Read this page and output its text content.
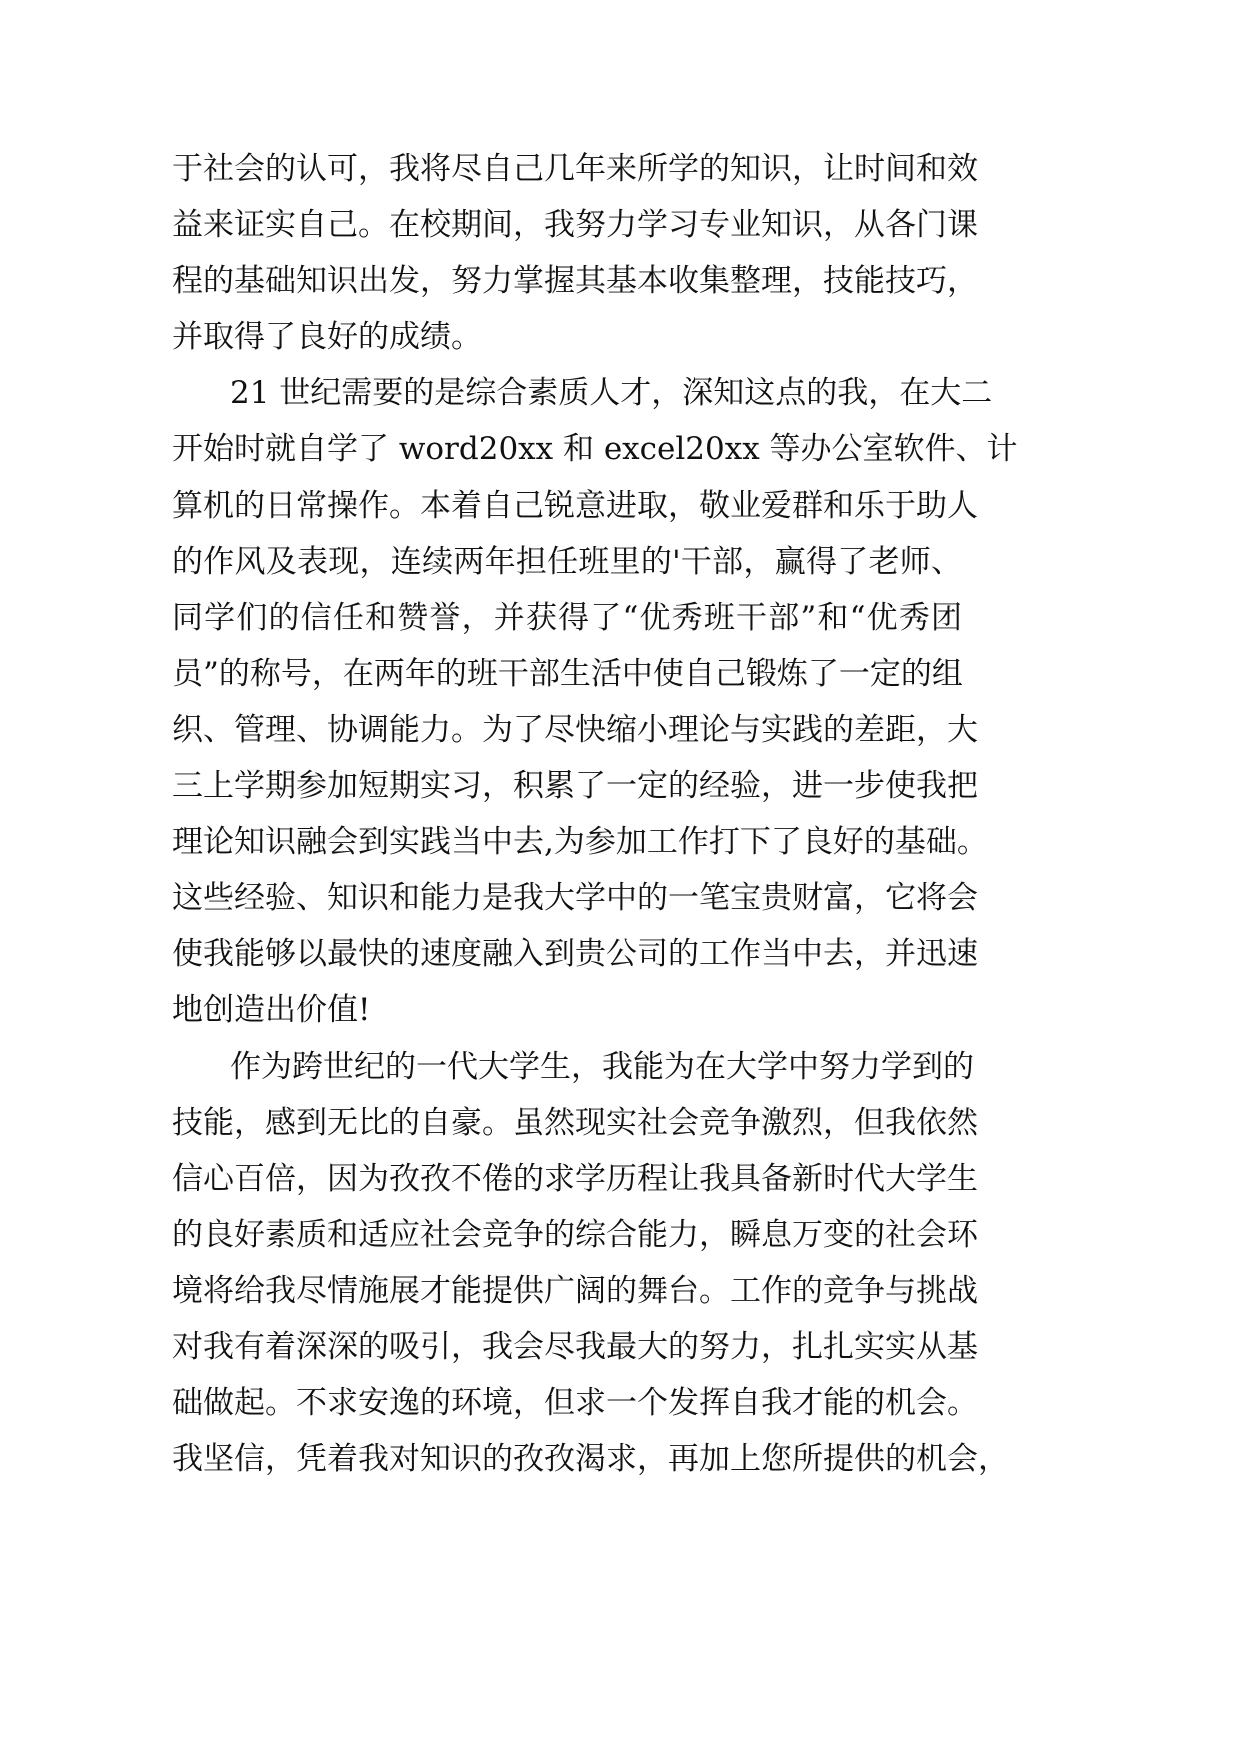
于社会的认可，我将尽自己几年来所学的知识，让时间和效
益来证实自己。在校期间，我努力学习专业知识，从各门课
程的基础知识出发，努力掌握其基本收集整理，技能技巧，
并取得了良好的成绩。
21 世纪需要的是综合素质人才，深知这点的我，在大二
开始时就自学了 word20xx 和 excel20xx 等办公室软件、计
算机的日常操作。本着自己锐意进取，敬业爱群和乐于助人
的作风及表现，连续两年担任班里的'干部，赢得了老师、
同学们的信任和赞誉，并获得了“优秀班干部”和“优秀团
员”的称号，在两年的班干部生活中使自己锻炼了一定的组
织、管理、协调能力。为了尽快缩小理论与实践的差距，大
三上学期参加短期实习，积累了一定的经验，进一步使我把
理论知识融会到实践当中去,为参加工作打下了良好的基础。
这些经验、知识和能力是我大学中的一笔宝贵财富，它将会
使我能够以最快的速度融入到贵公司的工作当中去，并迅速
地创造出价值!
作为跨世纪的一代大学生，我能为在大学中努力学到的
技能，感到无比的自豪。虽然现实社会竞争激烈，但我依然
信心百倍，因为孜孜不倦的求学历程让我具备新时代大学生
的良好素质和适应社会竞争的综合能力，瞬息万变的社会环
境将给我尽情施展才能提供广阔的舞台。工作的竞争与挑战
对我有着深深的吸引，我会尽我最大的努力，扎扎实实从基
础做起。不求安逸的环境，但求一个发挥自我才能的机会。
我坚信，凭着我对知识的孜孜渴求，再加上您所提供的机会，
